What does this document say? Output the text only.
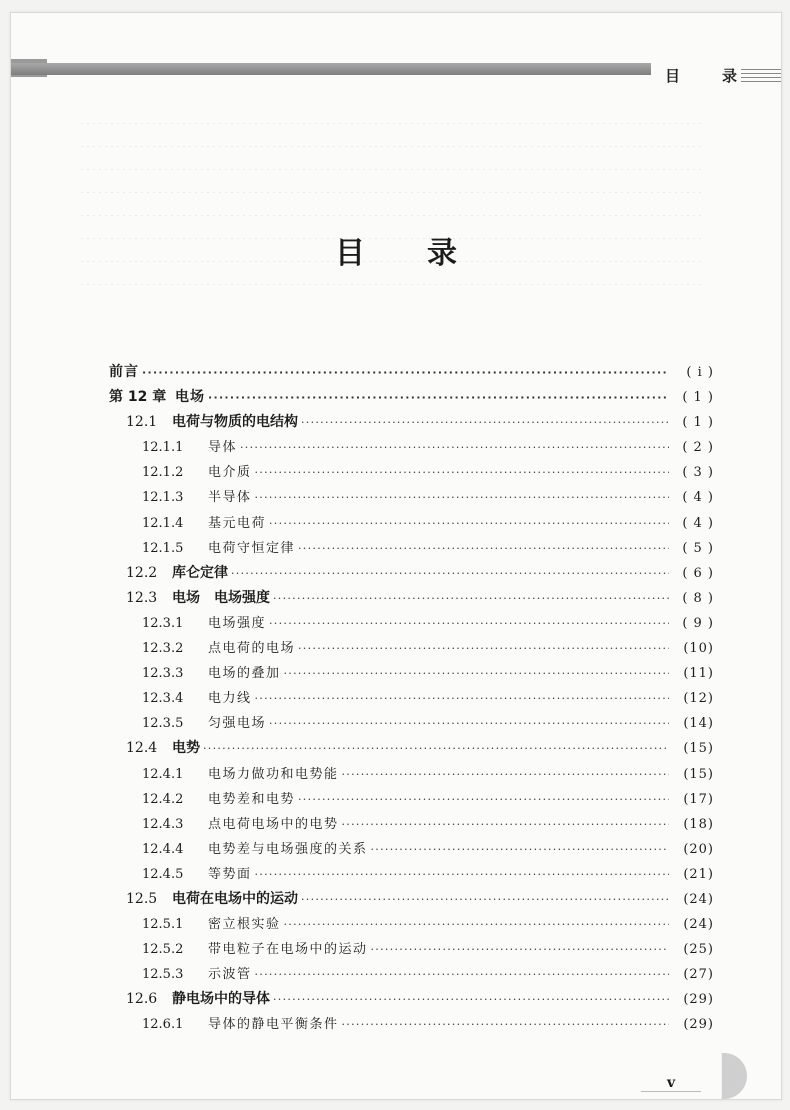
目	录
目 录
前言 ·····	( i )
第 12 章 电场 ·····	( 1 )
12.1	电荷与物质的电结构 ·····	( 1 )
12.1.1	导体 ·····	( 2 )
12.1.2	电介质 ·····	( 3 )
12.1.3	半导体 ·····	( 4 )
12.1.4	基元电荷 ·····	( 4 )
12.1.5	电荷守恒定律 ·····	( 5 )
12.2	库仑定律 ·····	( 6 )
12.3	电场　电场强度 ·····	( 8 )
12.3.1	电场强度 ·····	( 9 )
12.3.2	点电荷的电场 ·····	(10)
12.3.3	电场的叠加 ·····	(11)
12.3.4	电力线 ·····	(12)
12.3.5	匀强电场 ·····	(14)
12.4	电势 ·····	(15)
12.4.1	电场力做功和电势能 ·····	(15)
12.4.2	电势差和电势 ·····	(17)
12.4.3	点电荷电场中的电势 ·····	(18)
12.4.4	电势差与电场强度的关系 ·····	(20)
12.4.5	等势面 ·····	(21)
12.5	电荷在电场中的运动 ·····	(24)
12.5.1	密立根实验 ·····	(24)
12.5.2	带电粒子在电场中的运动 ·····	(25)
12.5.3	示波管 ·····	(27)
12.6	静电场中的导体 ·····	(29)
12.6.1	导体的静电平衡条件 ·····	(29)
v
